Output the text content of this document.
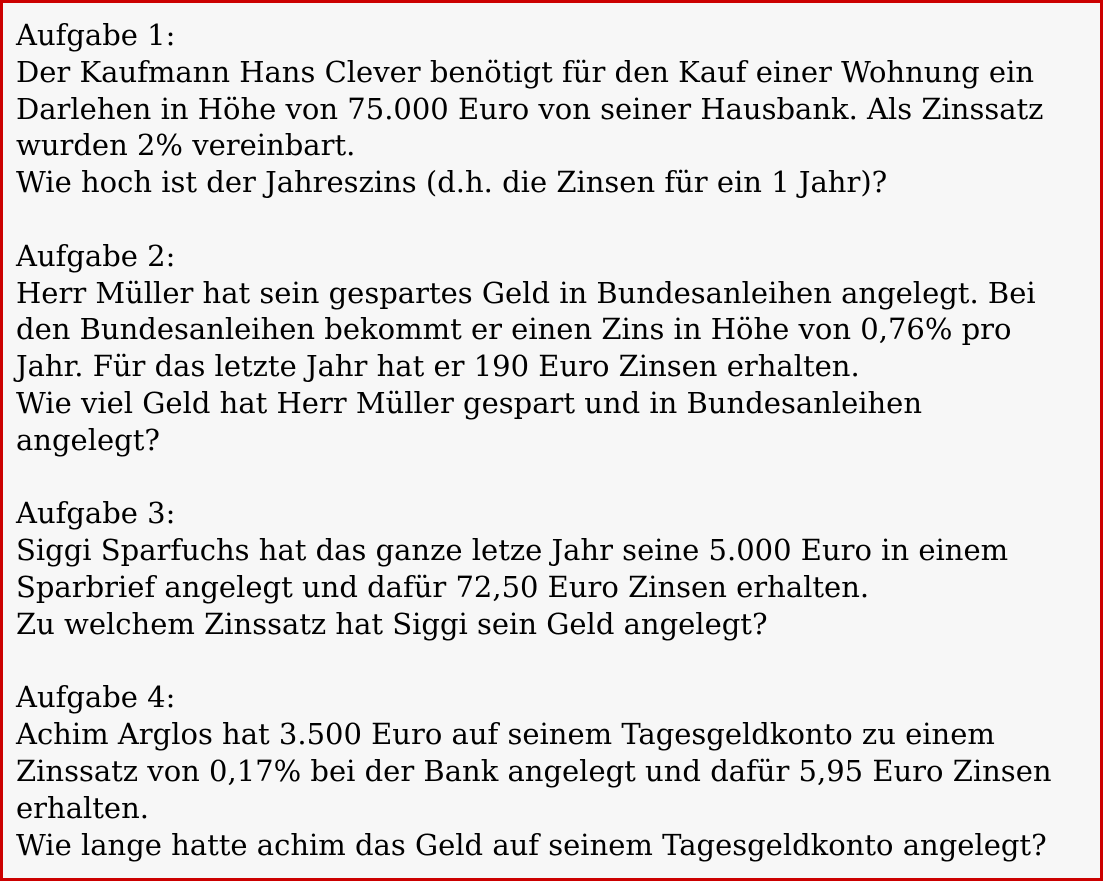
Aufgabe 1:
Der Kaufmann Hans Clever benötigt für den Kauf einer Wohnung ein
Darlehen in Höhe von 75.000 Euro von seiner Hausbank. Als Zinssatz
wurden 2% vereinbart.
Wie hoch ist der Jahreszins (d.h. die Zinsen für ein 1 Jahr)?
Aufgabe 2:
Herr Müller hat sein gespartes Geld in Bundesanleihen angelegt. Bei
den Bundesanleihen bekommt er einen Zins in Höhe von 0,76% pro
Jahr. Für das letzte Jahr hat er 190 Euro Zinsen erhalten.
Wie viel Geld hat Herr Müller gespart und in Bundesanleihen
angelegt?
Aufgabe 3:
Siggi Sparfuchs hat das ganze letze Jahr seine 5.000 Euro in einem
Sparbrief angelegt und dafür 72,50 Euro Zinsen erhalten.
Zu welchem Zinssatz hat Siggi sein Geld angelegt?
Aufgabe 4:
Achim Arglos hat 3.500 Euro auf seinem Tagesgeldkonto zu einem
Zinssatz von 0,17% bei der Bank angelegt und dafür 5,95 Euro Zinsen
erhalten.
Wie lange hatte achim das Geld auf seinem Tagesgeldkonto angelegt?
